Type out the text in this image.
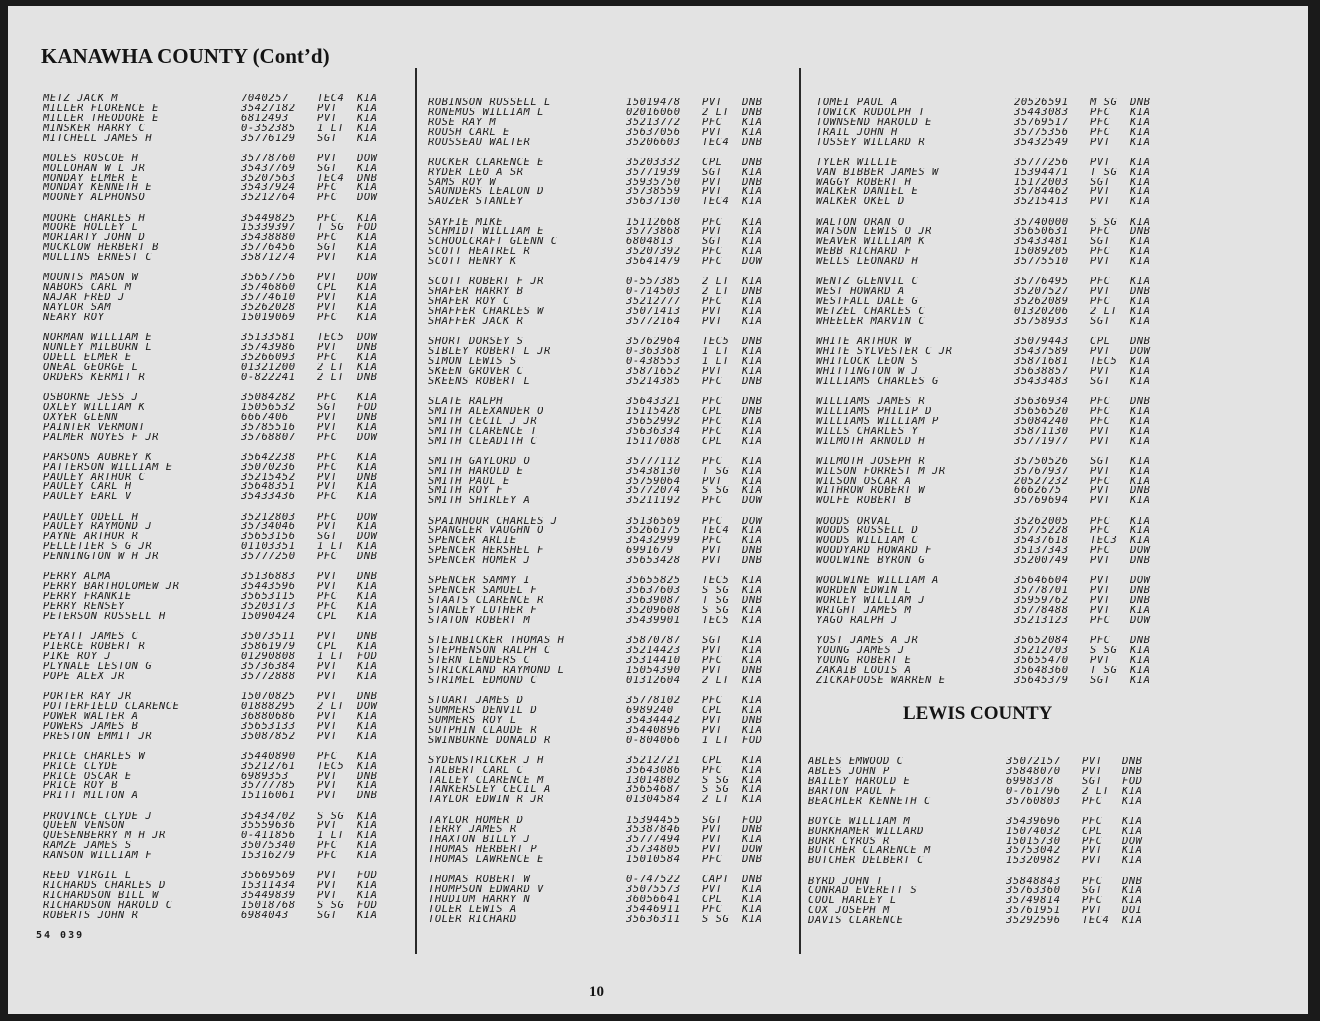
KANAWHA COUNTY (Cont’d)
METZ JACK M	7040257	TEC4	KIA
MILLER FLORENCE E	35427182	PVT	KIA
MILLER THEODORE E	6812493	PVT	KIA
MINSKER HARRY C	0-352385	1 LT	KIA
MITCHELL JAMES H	35776129	SGT	KIA
MOLES ROSCOE H	35778760	PVT	DOW
MOLLOHAN W L JR	35437769	SGT	KIA
MONDAY ELMER E	35207563	TEC4	DNB
MONDAY KENNETH E	35437924	PFC	KIA
MOONEY ALPHONSO	35212764	PFC	DOW
MOORE CHARLES H	35449825	PFC	KIA
MOORE HOLLEY L	15339397	T SG	FOD
MORIARTY JOHN D	35438880	PFC	KIA
MUCKLOW HERBERT B	35776456	SGT	KIA
MULLINS ERNEST C	35871274	PVT	KIA
MOUNTS MASON W	35657756	PVT	DOW
NABORS CARL M	35746860	CPL	KIA
NAJAR FRED J	35774610	PVT	KIA
NAYLOR SAM	35262028	PVT	KIA
NEARY ROY	15019069	PFC	KIA
NORMAN WILLIAM E	35133581	TEC5	DOW
NUNLEY MILBURN L	35743986	PVT	DNB
ODELL ELMER E	35266093	PFC	KIA
ONEAL GEORGE L	01321200	2 LT	KIA
ORDERS KERMIT R	0-822241	2 LT	DNB
OSBORNE JESS J	35084282	PFC	KIA
OXLEY WILLIAM K	15056532	SGT	FOD
OXYER GLENN	6667406	PVT	DNB
PAINTER VERMONT	35785516	PVT	KIA
PALMER NOYES F JR	35768807	PFC	DOW
PARSONS AUBREY K	35642238	PFC	KIA
PATTERSON WILLIAM E	35070236	PFC	KIA
PAULEY ARTHUR C	35215452	PVT	DNB
PAULEY CARL H	35648351	PVT	KIA
PAULEY EARL V	35433436	PFC	KIA
PAULEY ODELL H	35212803	PFC	DOW
PAULEY RAYMOND J	35734046	PVT	KIA
PAYNE ARTHUR R	35653156	SGT	DOW
PELLETIER S G JR	01103351	1 LT	KIA
PENNINGTON W H JR	35777250	PFC	DNB
PERRY ALMA	35136883	PVT	DNB
PERRY BARTHOLOMEW JR	35443596	PVT	KIA
PERRY FRANKIE	35653115	PFC	KIA
PERRY RENSEY	35203173	PFC	KIA
PETERSON RUSSELL H	15090424	CPL	KIA
PEYATT JAMES C	35073511	PVT	DNB
PIERCE ROBERT R	35861979	CPL	KIA
PIKE ROY J	01290808	1 LT	FOD
PLYNALE LESTON G	35736384	PVT	KIA
POPE ALEX JR	35772888	PVT	KIA
PORTER RAY JR	15070825	PVT	DNB
POTTERFIELD CLARENCE	01888295	2 LT	DOW
POWER WALTER A	36880686	PVT	KIA
POWERS JAMES B	35653133	PVT	KIA
PRESTON EMMIT JR	35087852	PVT	KIA
PRICE CHARLES W	35440890	PFC	KIA
PRICE CLYDE	35212761	TEC5	KIA
PRICE OSCAR E	6989353	PVT	DNB
PRICE ROY B	35777785	PVT	KIA
PRITT MILTON A	15116061	PVT	DNB
PROVINCE CLYDE J	35434702	S SG	KIA
QUEEN VENSON	35559636	PVT	KIA
QUESENBERRY M H JR	0-411856	1 LT	KIA
RAMZE JAMES S	35075340	PFC	KIA
RANSON WILLIAM F	15316279	PFC	KIA
REED VIRGIL L	35669569	PVT	FOD
RICHARDS CHARLES D	15311434	PVT	KIA
RICHARDSON BILL W	35449839	PVT	KIA
RICHARDSON HAROLD C	15018768	S SG	FOD
ROBERTS JOHN R	6984043	SGT	KIA
ROBINSON RUSSELL L	15019478	PVT	DNB
RONEMUS WILLIAM L	02016060	2 LT	DNB
ROSE RAY M	35213772	PFC	KIA
ROUSH CARL E	35637056	PVT	KIA
ROUSSEAU WALTER	35206603	TEC4	DNB
RUCKER CLARENCE E	35203332	CPL	DNB
RYDER LEO A SR	35771939	SGT	KIA
SAMS ROY W	35935750	PVT	DNB
SAUNDERS LEALON D	35738559	PVT	KIA
SAUZER STANLEY	35637130	TEC4	KIA
SAYFIE MIKE	15112668	PFC	KIA
SCHMIDT WILLIAM E	35773868	PVT	KIA
SCHOOLCRAFT GLENN C	6804813	SGT	KIA
SCOTT HEATREL R	35207392	PFC	KIA
SCOTT HENRY K	35641479	PFC	DOW
SCOTT ROBERT F JR	0-557385	2 LT	KIA
SHAFER HARRY B	0-714503	2 LT	DNB
SHAFER ROY C	35212777	PFC	KIA
SHAFFER CHARLES W	35071413	PVT	KIA
SHAFFER JACK R	35772164	PVT	KIA
SHORT DORSEY S	35762964	TEC5	DNB
SIBLEY ROBERT L JR	0-363368	1 LT	KIA
SIMON LEWIS S	0-438553	1 LT	KIA
SKEEN GROVER C	35871652	PVT	KIA
SKEENS ROBERT L	35214385	PFC	DNB
SLATE RALPH	35643321	PFC	DNB
SMITH ALEXANDER O	15115428	CPL	DNB
SMITH CECIL J JR	35652992	PFC	KIA
SMITH CLARENCE T	35636334	PFC	KIA
SMITH CLEADITH C	15117088	CPL	KIA
SMITH GAYLORD O	35777112	PFC	KIA
SMITH HAROLD E	35438130	T SG	KIA
SMITH PAUL E	35759064	PVT	KIA
SMITH ROY F	35772074	S SG	KIA
SMITH SHIRLEY A	35211192	PFC	DOW
SPAINHOUR CHARLES J	35136569	PFC	DOW
SPANGLER VAUGHN O	35266175	TEC4	KIA
SPENCER ARLIE	35432999	PFC	KIA
SPENCER HERSHEL F	6991679	PVT	DNB
SPENCER HOMER J	35653428	PVT	DNB
SPENCER SAMMY I	35655825	TEC5	KIA
SPENCER SAMUEL F	35637603	S SG	KIA
STAATS CLARENCE R	35639087	T SG	DNB
STANLEY LUTHER F	35209608	S SG	KIA
STATON ROBERT M	35439901	TEC5	KIA
STEINBICKER THOMAS H	35870787	SGT	KIA
STEPHENSON RALPH C	35214423	PVT	KIA
STERN LENDERS C	35314410	PFC	KIA
STRICKLAND RAYMOND L	15054390	PVT	DNB
STRIMEL EDMOND C	01312604	2 LT	KIA
STUART JAMES D	35778102	PFC	KIA
SUMMERS DENVIL D	6989240	CPL	KIA
SUMMERS ROY L	35434442	PVT	DNB
SUTPHIN CLAUDE R	35440896	PVT	KIA
SWINBURNE DONALD R	0-804066	1 LT	FOD
SYDENSTRICKER J H	35212721	CPL	KIA
TALBERT CARL C	35643086	PFC	KIA
TALLEY CLARENCE M	13014802	S SG	KIA
TANKERSLEY CECIL A	35654687	S SG	KIA
TAYLOR EDWIN R JR	01304584	2 LT	KIA
TAYLOR HOMER D	15394455	SGT	FOD
TERRY JAMES R	35387846	PVT	DNB
THAXTON BILLY J	35777494	PVT	KIA
THOMAS HERBERT P	35734805	PVT	DOW
THOMAS LAWRENCE E	15010584	PFC	DNB
THOMAS ROBERT W	0-747522	CAPT	DNB
THOMPSON EDWARD V	35075573	PVT	KIA
THUDIUM HARRY N	36056641	CPL	KIA
TOLER LEWIS A	35446911	PFC	KIA
TOLER RICHARD	35636311	S SG	KIA
TOMEI PAUL A	20526591	M SG	DNB
TOWICK RUDOLPH T	35443083	PFC	KIA
TOWNSEND HAROLD E	35769517	PFC	KIA
TRAIL JOHN H	35775356	PFC	KIA
TUSSEY WILLARD R	35432549	PVT	KIA
TYLER WILLIE	35777256	PVT	KIA
VAN BIBBER JAMES W	15394471	T SG	KIA
WAGGY ROBERT H	15172003	SGT	KIA
WALKER DANIEL E	35784462	PVT	KIA
WALKER OKEL D	35215413	PVT	KIA
WALTON ORAN O	35740000	S SG	KIA
WATSON LEWIS O JR	35650631	PFC	DNB
WEAVER WILLIAM K	35433481	SGT	KIA
WEBB RICHARD F	15089205	PFC	KIA
WELLS LEONARD H	35775510	PVT	KIA
WENTZ GLENVIL C	35776495	PFC	KIA
WEST HOWARD A	35207527	PVT	DNB
WESTFALL DALE G	35262089	PFC	KIA
WETZEL CHARLES C	01320206	2 LT	KIA
WHEELER MARVIN C	35758933	SGT	KIA
WHITE ARTHUR W	35079443	CPL	DNB
WHITE SYLVESTER C JR	35437589	PVT	DOW
WHITLOCK LEON S	35871681	TEC5	KIA
WHITTINGTON W J	35638857	PVT	KIA
WILLIAMS CHARLES G	35433483	SGT	KIA
WILLIAMS JAMES R	35636934	PFC	DNB
WILLIAMS PHILIP D	35656520	PFC	KIA
WILLIAMS WILLIAM P	35084240	PFC	KIA
WILLS CHARLES Y	35871130	PVT	KIA
WILMOTH ARNOLD H	35771977	PVT	KIA
WILMOTH JOSEPH R	35750526	SGT	KIA
WILSON FORREST M JR	35767937	PVT	KIA
WILSON OSCAR A	20527232	PFC	KIA
WITHROW ROBERT W	6662675	PVT	DNB
WOLFE ROBERT B	35769694	PVT	KIA
WOODS ORVAL	35262005	PFC	KIA
WOODS RUSSELL D	35775228	PFC	KIA
WOODS WILLIAM C	35437618	TEC3	KIA
WOODYARD HOWARD F	35137343	PFC	DOW
WOOLWINE BYRON G	35200749	PVT	DNB
WOOLWINE WILLIAM A	35646604	PVT	DOW
WORDEN EDWIN L	35778701	PVT	DNB
WORLEY WILLIAM J	35959762	PVT	DNB
WRIGHT JAMES M	35778488	PVT	KIA
YAGO RALPH J	35213123	PFC	DOW
YOST JAMES A JR	35652084	PFC	DNB
YOUNG JAMES J	35212703	S SG	KIA
YOUNG ROBERT E	35655470	PVT	KIA
ZAKAIB LOUIS A	35648360	T SG	KIA
ZICKAFOOSE WARREN E	35645379	SGT	KIA
LEWIS COUNTY
ABLES EMWOOD C	35072157	PVT	DNB
ABLES JOHN P	35848070	PVT	DNB
BAILEY HAROLD E	6998378	SGT	FOD
BARTON PAUL F	0-761796	2 LT	KIA
BEACHLER KENNETH C	35760803	PFC	KIA
BOYCE WILLIAM M	35439696	PFC	KIA
BURKHAMER WILLARD	15074032	CPL	KIA
BURR CYRUS R	15015730	PFC	DOW
BUTCHER CLARENCE M	35753042	PVT	KIA
BUTCHER DELBERT C	15320982	PVT	KIA
BYRD JOHN T	35848843	PFC	DNB
CONRAD EVERETT S	35763360	SGT	KIA
COOL HARLEY L	35749814	PFC	KIA
COX JOSEPH M	35761951	PVT	DOI
DAVIS CLARENCE	35292596	TEC4	KIA
54 039
10
